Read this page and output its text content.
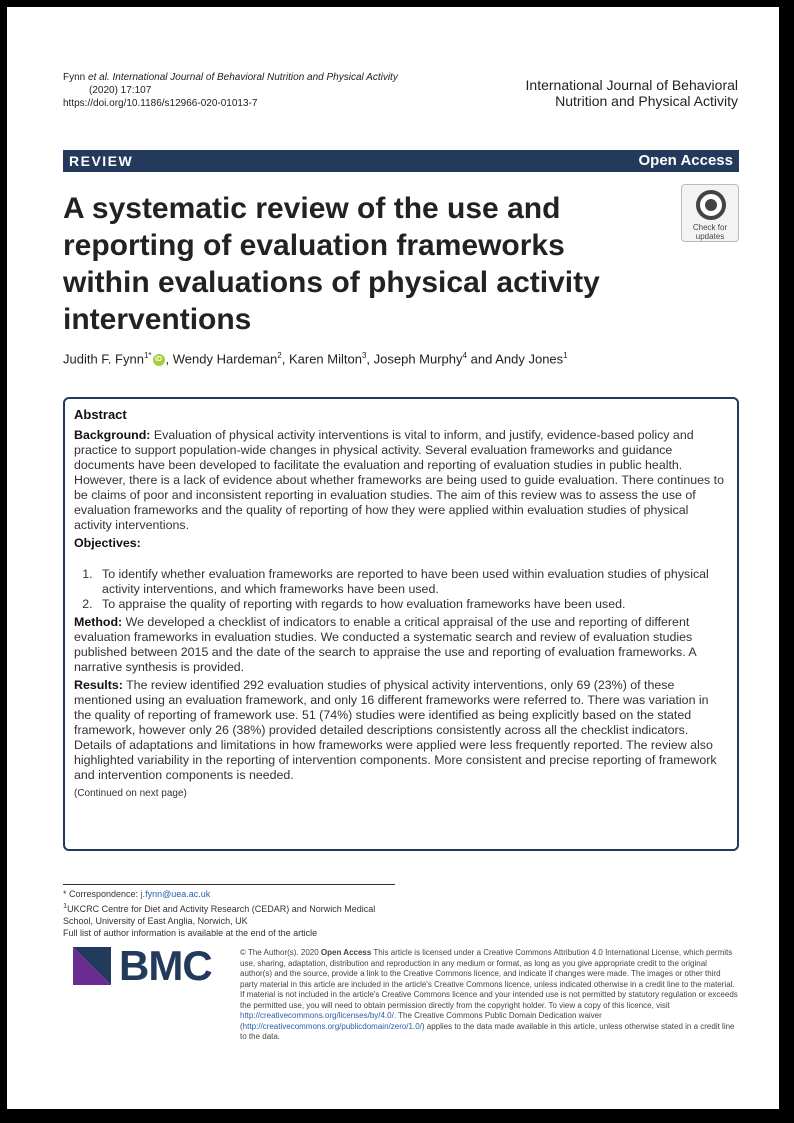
Fynn et al. International Journal of Behavioral Nutrition and Physical Activity
(2020) 17:107
https://doi.org/10.1186/s12966-020-01013-7
International Journal of Behavioral
Nutrition and Physical Activity
REVIEW	Open Access
A systematic review of the use and reporting of evaluation frameworks within evaluations of physical activity interventions
Check for
updates
Judith F. Fynn$^{1*}$ iD , Wendy Hardeman$^2$, Karen Milton$^3$, Joseph Murphy$^4$ and Andy Jones$^1$
Abstract

Background: Evaluation of physical activity interventions is vital to inform, and justify, evidence-based policy and practice to support population-wide changes in physical activity. Several evaluation frameworks and guidance documents have been developed to facilitate the evaluation and reporting of evaluation studies in public health. However, there is a lack of evidence about whether frameworks are being used to guide evaluation. There continues to be claims of poor and inconsistent reporting in evaluation studies. The aim of this review was to assess the use of evaluation frameworks and the quality of reporting of how they were applied within evaluation studies of physical activity interventions.

Objectives:

1. To identify whether evaluation frameworks are reported to have been used within evaluation studies of physical activity interventions, and which frameworks have been used.
2. To appraise the quality of reporting with regards to how evaluation frameworks have been used.

Method: We developed a checklist of indicators to enable a critical appraisal of the use and reporting of different evaluation frameworks in evaluation studies. We conducted a systematic search and review of evaluation studies published between 2015 and the date of the search to appraise the use and reporting of evaluation frameworks. A narrative synthesis is provided.

Results: The review identified 292 evaluation studies of physical activity interventions, only 69 (23%) of these mentioned using an evaluation framework, and only 16 different frameworks were referred to. There was variation in the quality of reporting of framework use. 51 (74%) studies were identified as being explicitly based on the stated framework, however only 26 (38%) provided detailed descriptions consistently across all the checklist indicators. Details of adaptations and limitations in how frameworks were applied were less frequently reported. The review also highlighted variability in the reporting of intervention components. More consistent and precise reporting of framework and intervention components is needed.

(Continued on next page)
* Correspondence: j.fynn@uea.ac.uk
$^1$UKCRC Centre for Diet and Activity Research (CEDAR) and Norwich Medical School, University of East Anglia, Norwich, UK
Full list of author information is available at the end of the article
BMC	© The Author(s). 2020 Open Access This article is licensed under a Creative Commons Attribution 4.0 International License, which permits use, sharing, adaptation, distribution and reproduction in any medium or format, as long as you give appropriate credit to the original author(s) and the source, provide a link to the Creative Commons licence, and indicate if changes were made. The images or other third party material in this article are included in the article's Creative Commons licence, unless indicated otherwise in a credit line to the material. If material is not included in the article's Creative Commons licence and your intended use is not permitted by statutory regulation or exceeds the permitted use, you will need to obtain permission directly from the copyright holder. To view a copy of this licence, visit http://creativecommons.org/licenses/by/4.0/. The Creative Commons Public Domain Dedication waiver (http://creativecommons.org/publicdomain/zero/1.0/) applies to the data made available in this article, unless otherwise stated in a credit line to the data.
